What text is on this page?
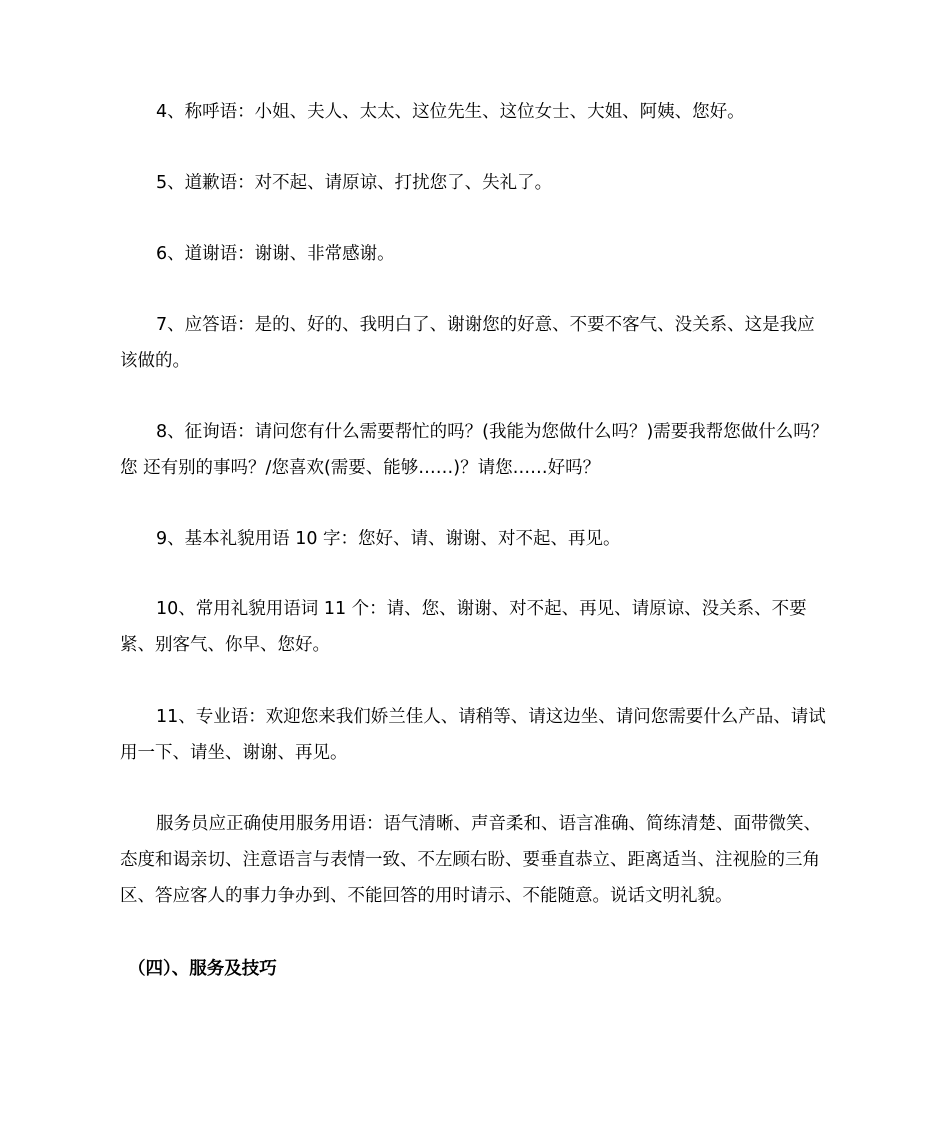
4、称呼语：小姐、夫人、太太、这位先生、这位女士、大姐、阿姨、您好。

5、道歉语：对不起、请原谅、打扰您了、失礼了。

6、道谢语：谢谢、非常感谢。

7、应答语：是的、好的、我明白了、谢谢您的好意、不要不客气、没关系、这是我应该做的。

8、征询语：请问您有什么需要帮忙的吗？(我能为您做什么吗？)需要我帮您做什么吗？您 还有别的事吗？/您喜欢(需要、能够……)？请您……好吗？

9、基本礼貌用语 10 字：您好、请、谢谢、对不起、再见。

10、常用礼貌用语词 11 个：请、您、谢谢、对不起、再见、请原谅、没关系、不要紧、别客气、你早、您好。

11、专业语：欢迎您来我们娇兰佳人、请稍等、请这边坐、请问您需要什么产品、请试用一下、请坐、谢谢、再见。

服务员应正确使用服务用语：语气清晰、声音柔和、语言准确、简练清楚、面带微笑、态度和谒亲切、注意语言与表情一致、不左顾右盼、要垂直恭立、距离适当、注视脸的三角区、答应客人的事力争办到、不能回答的用时请示、不能随意。说话文明礼貌。

（四）、服务及技巧
